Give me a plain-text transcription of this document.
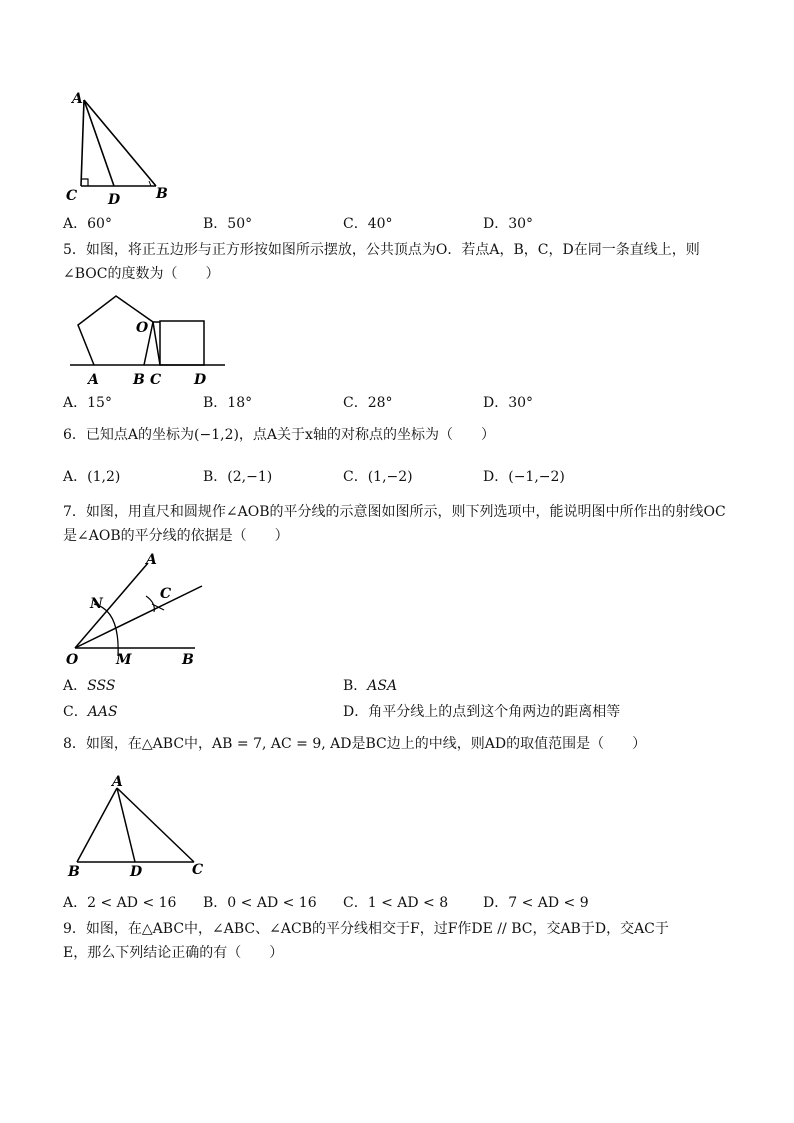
A
C D	B
A．60°	B．50°	C．40°	D．30°
5．如图，将正五边形与正方形按如图所示摆放，公共顶点为O．若点A，B，C，D在同一条直线上，则
∠BOC的度数为（　　）
O
A B C D
A．15°	B．18°	C．28°	D．30°
6．已知点A的坐标为(−1,2)，点A关于x轴的对称点的坐标为（　　）
A．(1,2)	B．(2,−1)	C．(1,−2)	D．(−1,−2)
7．如图，用直尺和圆规作∠AOB的平分线的示意图如图所示，则下列选项中，能说明图中所作出的射线OC
是∠AOB的平分线的依据是（　　）
A
C
N
O	M	B
A．SSS	B．ASA
C．AAS	D．角平分线上的点到这个角两边的距离相等
8．如图，在△ABC中，AB = 7, AC = 9, AD是BC边上的中线，则AD的取值范围是（　　）
A
B	D	C
A．2 < AD < 16 B．0 < AD < 16 C．1 < AD < 8 D．7 < AD < 9
9．如图，在△ABC中，∠ABC、∠ACB的平分线相交于F，过F作DE // BC，交AB于D，交AC于
E，那么下列结论正确的有（　　）
